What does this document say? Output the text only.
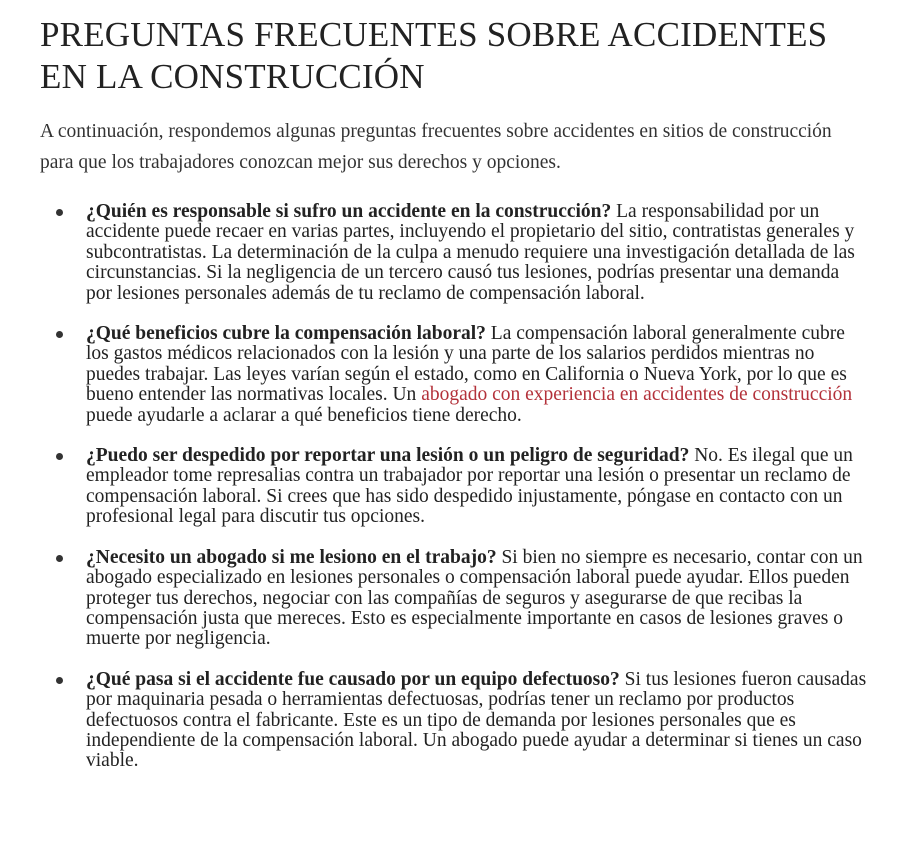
PREGUNTAS FRECUENTES SOBRE ACCIDENTES EN LA CONSTRUCCIÓN

A continuación, respondemos algunas preguntas frecuentes sobre accidentes en sitios de construcción para que los trabajadores conozcan mejor sus derechos y opciones.

¿Quién es responsable si sufro un accidente en la construcción? La responsabilidad por un accidente puede recaer en varias partes, incluyendo el propietario del sitio, contratistas generales y subcontratistas. La determinación de la culpa a menudo requiere una investigación detallada de las circunstancias. Si la negligencia de un tercero causó tus lesiones, podrías presentar una demanda por lesiones personales además de tu reclamo de compensación laboral.
¿Qué beneficios cubre la compensación laboral? La compensación laboral generalmente cubre los gastos médicos relacionados con la lesión y una parte de los salarios perdidos mientras no puedes trabajar. Las leyes varían según el estado, como en California o Nueva York, por lo que es bueno entender las normativas locales. Un abogado con experiencia en accidentes de construcción puede ayudarle a aclarar a qué beneficios tiene derecho.
¿Puedo ser despedido por reportar una lesión o un peligro de seguridad? No. Es ilegal que un empleador tome represalias contra un trabajador por reportar una lesión o presentar un reclamo de compensación laboral. Si crees que has sido despedido injustamente, póngase en contacto con un profesional legal para discutir tus opciones.
¿Necesito un abogado si me lesiono en el trabajo? Si bien no siempre es necesario, contar con un abogado especializado en lesiones personales o compensación laboral puede ayudar. Ellos pueden proteger tus derechos, negociar con las compañías de seguros y asegurarse de que recibas la compensación justa que mereces. Esto es especialmente importante en casos de lesiones graves o muerte por negligencia.
¿Qué pasa si el accidente fue causado por un equipo defectuoso? Si tus lesiones fueron causadas por maquinaria pesada o herramientas defectuosas, podrías tener un reclamo por productos defectuosos contra el fabricante. Este es un tipo de demanda por lesiones personales que es independiente de la compensación laboral. Un abogado puede ayudar a determinar si tienes un caso viable.
